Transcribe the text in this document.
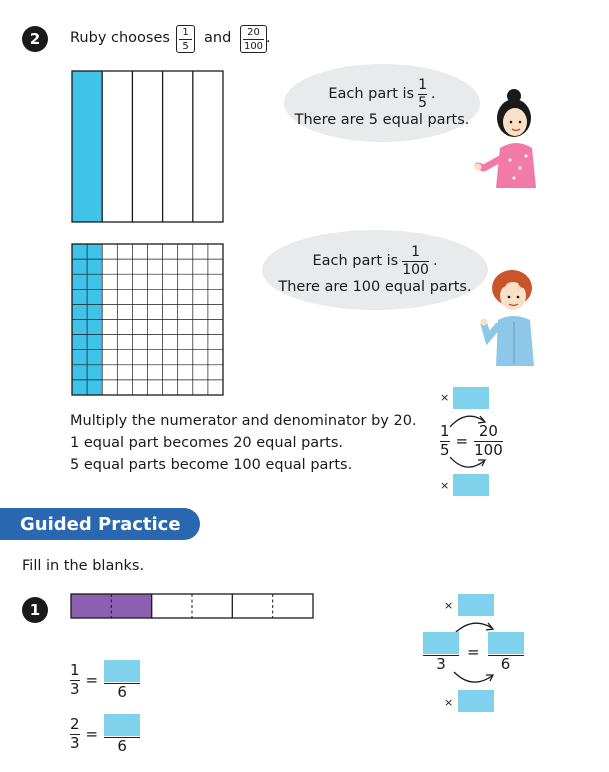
2	Ruby chooses 1
5 and 20
100 .
Each part is $\frac{1}{5}$ .
There are 5 equal parts.
Each part is $\frac{1}{100}$ .
There are 100 equal parts.
Multiply the numerator and denominator by 20.
1 equal part becomes 20 equal parts.
5 equal parts become 100 equal parts.
×
×
$\frac{1}{5} = \frac{20}{100}$
Guided Practice
Fill in the blanks.
1
$\frac{1}{3}$ =
6
$\frac{2}{3}$ =
6
×
3
=
6
×
